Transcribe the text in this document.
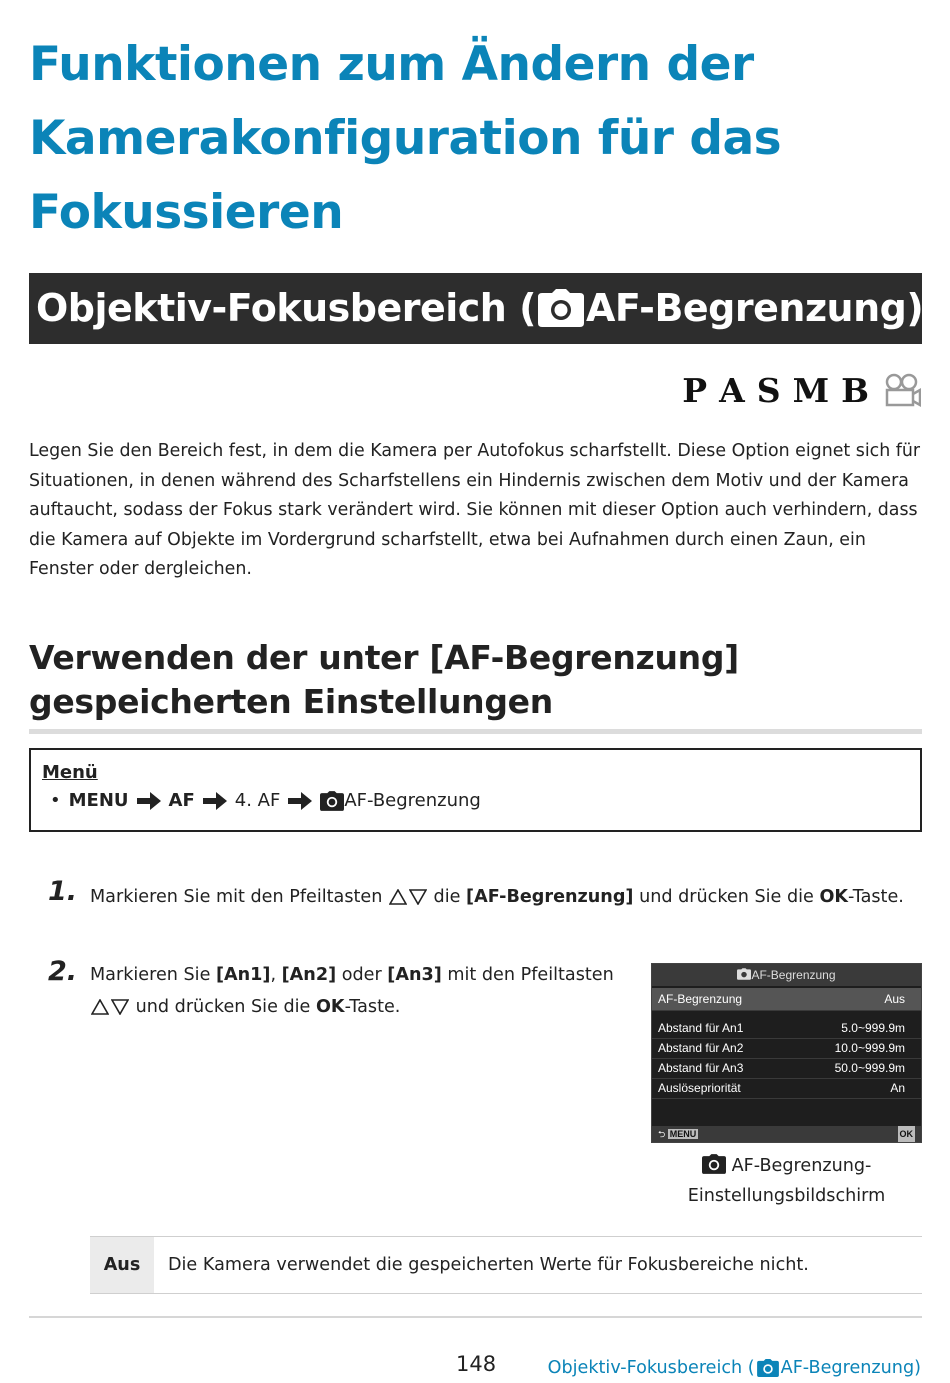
Funktionen zum Ändern der
Kamerakonfiguration für das
Fokussieren
Objektiv-Fokusbereich ( AF-Begrenzung)
P A S M B

Legen Sie den Bereich fest, in dem die Kamera per Autofokus scharfstellt. Diese Option eignet sich für Situationen, in denen während des Scharfstellens ein Hindernis zwischen dem Motiv und der Kamera auftaucht, sodass der Fokus stark verändert wird. Sie können mit dieser Option auch verhindern, dass die Kamera auf Objekte im Vordergrund scharfstellt, etwa bei Aufnahmen durch einen Zaun, ein Fenster oder dergleichen.

Verwenden der unter [AF-Begrenzung]
gespeicherten Einstellungen
Menü
• MENU AF 4. AF	AF-Begrenzung
1. Markieren Sie mit den Pfeiltasten	die [AF-Begrenzung] und drücken Sie die OK-Taste.
2. Markieren Sie [An1], [An2] oder [An3] mit den Pfeiltasten
und drücken Sie die OK-Taste.
AF-Begrenzung
AF-Begrenzung	Aus
Abstand für An1	5.0~999.9m
Abstand für An2	10.0~999.9m
Abstand für An3	50.0~999.9m
Auslösepriorität	An
⮌ MENU	OK
AF-Begrenzung-
Einstellungsbildschirm
Aus	Die Kamera verwendet die gespeicherten Werte für Fokusbereiche nicht.
148	Objektiv-Fokusbereich ( AF-Begrenzung)
